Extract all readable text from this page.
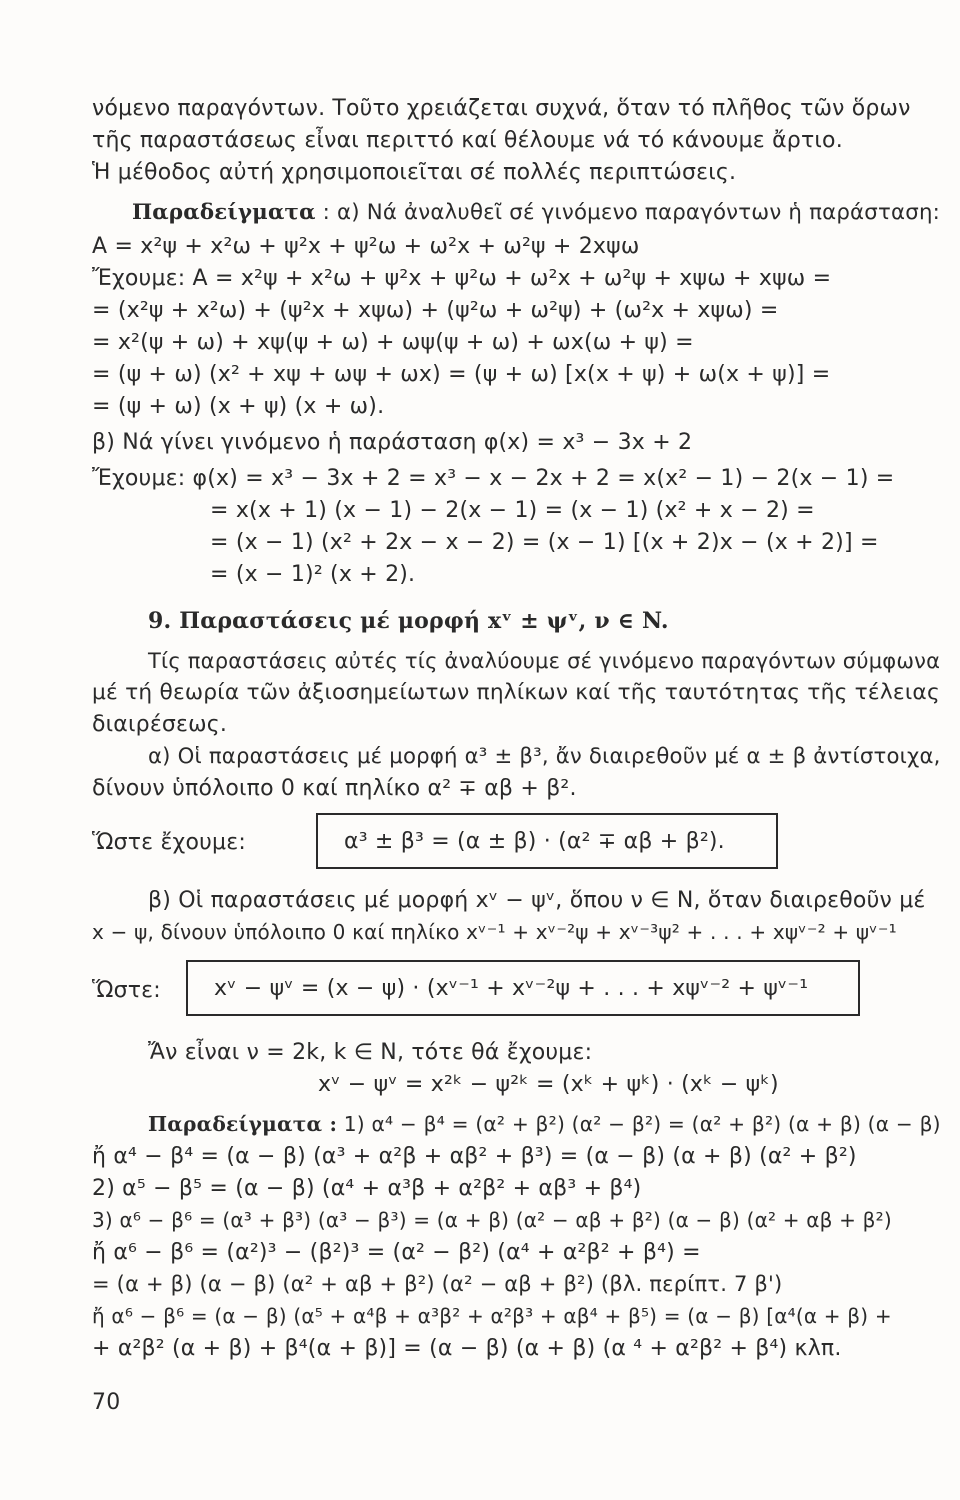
νόμενο παραγόντων. Τοῦτο χρειάζεται συχνά, ὅταν τό πλῆθος τῶν ὅρων
τῆς παραστάσεως εἶναι περιττό καί θέλουμε νά τό κάνουμε ἄρτιο.
Ἡ μέθοδος αὐτή χρησιμοποιεῖται σέ πολλές περιπτώσεις.
Παραδείγματα : α) Νά ἀναλυθεῖ σέ γινόμενο παραγόντων ἡ παράσταση:
A = x²ψ + x²ω + ψ²x + ψ²ω + ω²x + ω²ψ + 2xψω
Ἔχουμε: A = x²ψ + x²ω + ψ²x + ψ²ω + ω²x + ω²ψ + xψω + xψω =
= (x²ψ + x²ω) + (ψ²x + xψω) + (ψ²ω + ω²ψ) + (ω²x + xψω) =
= x²(ψ + ω) + xψ(ψ + ω) + ωψ(ψ + ω) + ωx(ω + ψ) =
= (ψ + ω) (x² + xψ + ωψ + ωx) = (ψ + ω) [x(x + ψ) + ω(x + ψ)] =
= (ψ + ω) (x + ψ) (x + ω).
β) Νά γίνει γινόμενο ἡ παράσταση φ(x) = x³ − 3x + 2
Ἔχουμε: φ(x) = x³ − 3x + 2 = x³ − x − 2x + 2 = x(x² − 1) − 2(x − 1) =
= x(x + 1) (x − 1) − 2(x − 1) = (x − 1) (x² + x − 2) =
= (x − 1) (x² + 2x − x − 2) = (x − 1) [(x + 2)x − (x + 2)] =
= (x − 1)² (x + 2).
9. Παραστάσεις μέ μορφή xᵛ ± ψᵛ, ν ∈ N.
Τίς παραστάσεις αὐτές τίς ἀναλύουμε σέ γινόμενο παραγόντων σύμφωνα
μέ τή θεωρία τῶν ἀξιοσημείωτων πηλίκων καί τῆς ταυτότητας τῆς τέλειας
διαιρέσεως.
α) Οἱ παραστάσεις μέ μορφή α³ ± β³, ἄν διαιρεθοῦν μέ α ± β ἀντίστοιχα,
δίνουν ὑπόλοιπο 0 καί πηλίκο α² ∓ αβ + β².
Ὥστε ἔχουμε:	α³ ± β³ = (α ± β) · (α² ∓ αβ + β²).
β) Οἱ παραστάσεις μέ μορφή xᵛ − ψᵛ, ὅπου ν ∈ N, ὅταν διαιρεθοῦν μέ
x − ψ, δίνουν ὑπόλοιπο 0 καί πηλίκο xᵛ⁻¹ + xᵛ⁻²ψ + xᵛ⁻³ψ² + . . . + xψᵛ⁻² + ψᵛ⁻¹
Ὥστε: xᵛ − ψᵛ = (x − ψ) · (xᵛ⁻¹ + xᵛ⁻²ψ + . . . + xψᵛ⁻² + ψᵛ⁻¹
Ἄν εἶναι ν = 2k, k ∈ N, τότε θά ἔχουμε:
xᵛ − ψᵛ = x²ᵏ − ψ²ᵏ = (xᵏ + ψᵏ) · (xᵏ − ψᵏ)
Παραδείγματα : 1) α⁴ − β⁴ = (α² + β²) (α² − β²) = (α² + β²) (α + β) (α − β)
ἤ α⁴ − β⁴ = (α − β) (α³ + α²β + αβ² + β³) = (α − β) (α + β) (α² + β²)
2) α⁵ − β⁵ = (α − β) (α⁴ + α³β + α²β² + αβ³ + β⁴)
3) α⁶ − β⁶ = (α³ + β³) (α³ − β³) = (α + β) (α² − αβ + β²) (α − β) (α² + αβ + β²)
ἤ α⁶ − β⁶ = (α²)³ − (β²)³ = (α² − β²) (α⁴ + α²β² + β⁴) =
= (α + β) (α − β) (α² + αβ + β²) (α² − αβ + β²) (βλ. περίπτ. 7 β')
ἤ α⁶ − β⁶ = (α − β) (α⁵ + α⁴β + α³β² + α²β³ + αβ⁴ + β⁵) = (α − β) [α⁴(α + β) +
+ α²β² (α + β) + β⁴(α + β)] = (α − β) (α + β) (α ⁴ + α²β² + β⁴) κλπ.
70
